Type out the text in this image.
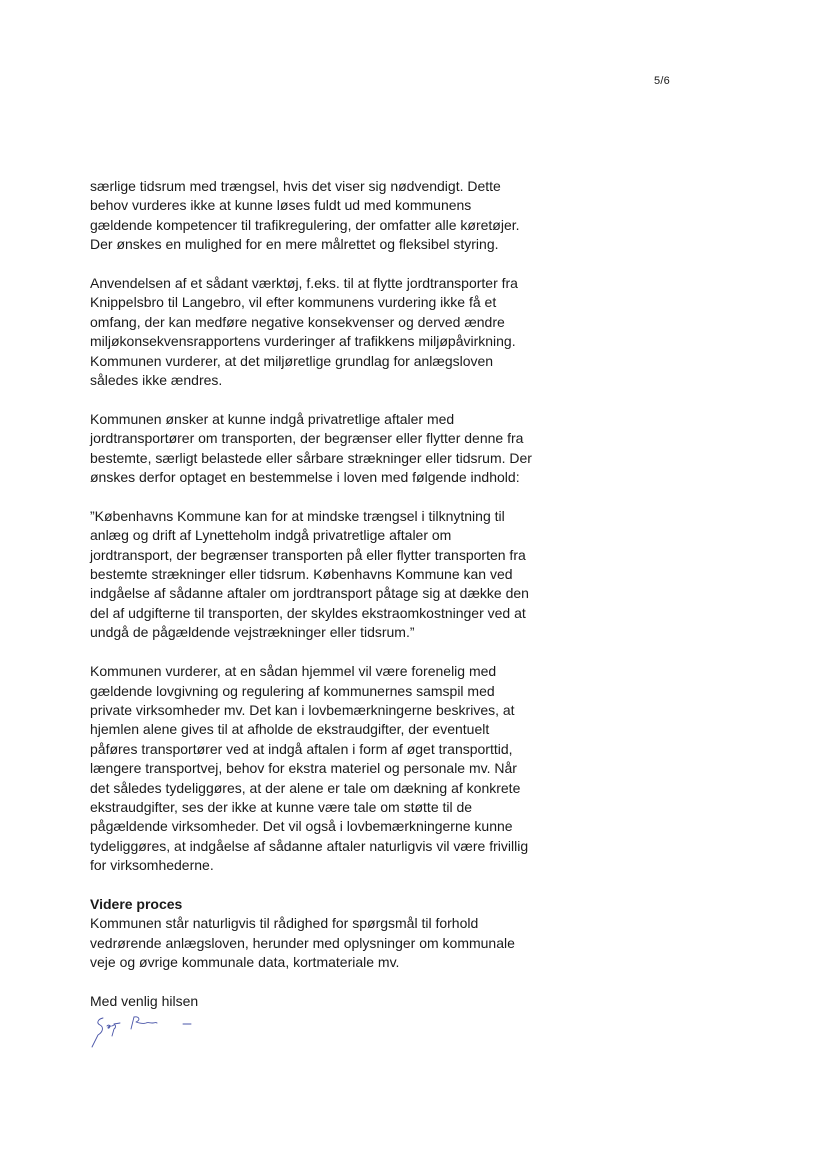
5/6

særlige tidsrum med trængsel, hvis det viser sig nødvendigt. Dette
behov vurderes ikke at kunne løses fuldt ud med kommunens
gældende kompetencer til trafikregulering, der omfatter alle køretøjer.
Der ønskes en mulighed for en mere målrettet og fleksibel styring.

Anvendelsen af et sådant værktøj, f.eks. til at flytte jordtransporter fra
Knippelsbro til Langebro, vil efter kommunens vurdering ikke få et
omfang, der kan medføre negative konsekvenser og derved ændre
miljøkonsekvensrapportens vurderinger af trafikkens miljøpåvirkning.
Kommunen vurderer, at det miljøretlige grundlag for anlægsloven
således ikke ændres.

Kommunen ønsker at kunne indgå privatretlige aftaler med
jordtransportører om transporten, der begrænser eller flytter denne fra
bestemte, særligt belastede eller sårbare strækninger eller tidsrum. Der
ønskes derfor optaget en bestemmelse i loven med følgende indhold:

”Københavns Kommune kan for at mindske trængsel i tilknytning til
anlæg og drift af Lynetteholm indgå privatretlige aftaler om
jordtransport, der begrænser transporten på eller flytter transporten fra
bestemte strækninger eller tidsrum. Københavns Kommune kan ved
indgåelse af sådanne aftaler om jordtransport påtage sig at dække den
del af udgifterne til transporten, der skyldes ekstraomkostninger ved at
undgå de pågældende vejstrækninger eller tidsrum.”

Kommunen vurderer, at en sådan hjemmel vil være forenelig med
gældende lovgivning og regulering af kommunernes samspil med
private virksomheder mv. Det kan i lovbemærkningerne beskrives, at
hjemlen alene gives til at afholde de ekstraudgifter, der eventuelt
påføres transportører ved at indgå aftalen i form af øget transporttid,
længere transportvej, behov for ekstra materiel og personale mv. Når
det således tydeliggøres, at der alene er tale om dækning af konkrete
ekstraudgifter, ses der ikke at kunne være tale om støtte til de
pågældende virksomheder. Det vil også i lovbemærkningerne kunne
tydeliggøres, at indgåelse af sådanne aftaler naturligvis vil være frivillig
for virksomhederne.

Videre proces
Kommunen står naturligvis til rådighed for spørgsmål til forhold
vedrørende anlægsloven, herunder med oplysninger om kommunale
veje og øvrige kommunale data, kortmateriale mv.

Med venlig hilsen
